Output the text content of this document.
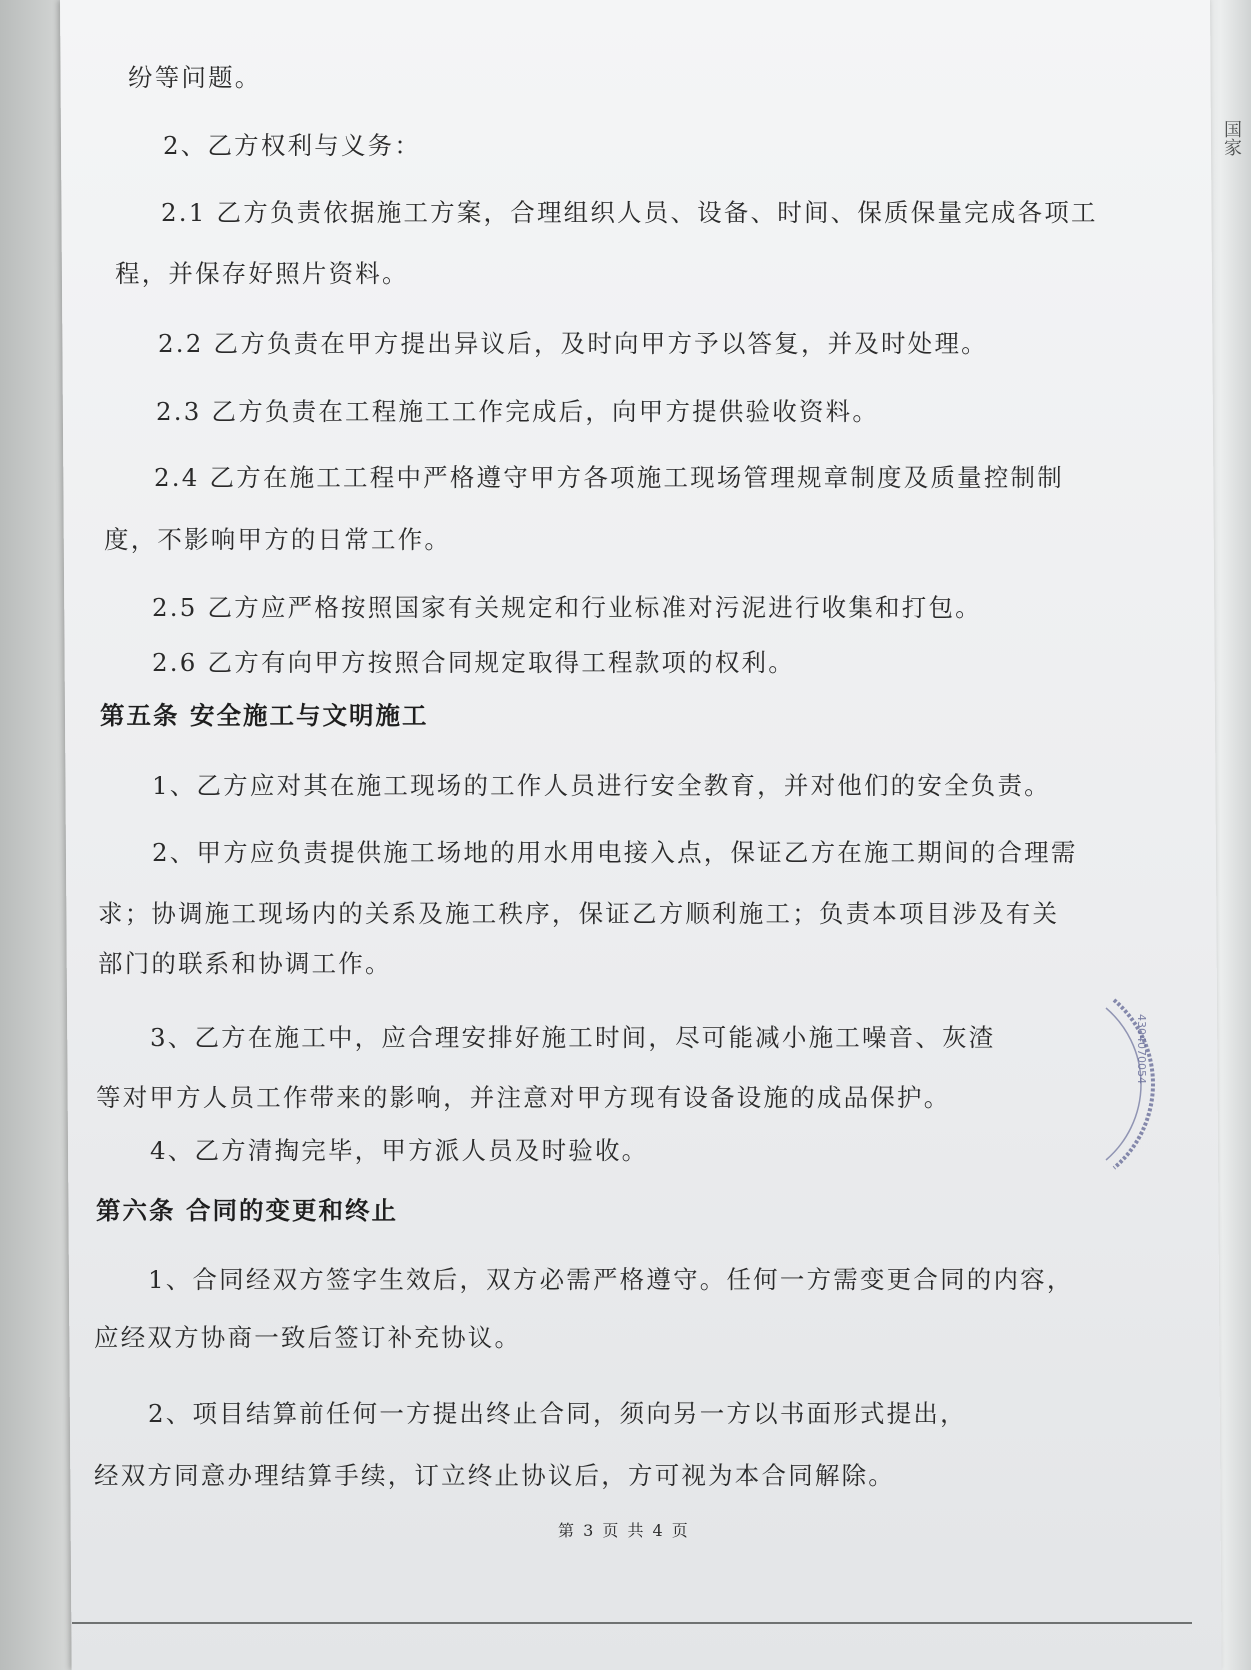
国家
纷等问题。
2、乙方权利与义务：
2.1 乙方负责依据施工方案，合理组织人员、设备、时间、保质保量完成各项工
程，并保存好照片资料。
2.2 乙方负责在甲方提出异议后，及时向甲方予以答复，并及时处理。
2.3 乙方负责在工程施工工作完成后，向甲方提供验收资料。
2.4 乙方在施工工程中严格遵守甲方各项施工现场管理规章制度及质量控制制
度，不影响甲方的日常工作。
2.5 乙方应严格按照国家有关规定和行业标准对污泥进行收集和打包。
2.6 乙方有向甲方按照合同规定取得工程款项的权利。
第五条 安全施工与文明施工
1、乙方应对其在施工现场的工作人员进行安全教育，并对他们的安全负责。
2、甲方应负责提供施工场地的用水用电接入点，保证乙方在施工期间的合理需
求；协调施工现场内的关系及施工秩序，保证乙方顺利施工；负责本项目涉及有关
部门的联系和协调工作。
3、乙方在施工中，应合理安排好施工时间，尽可能减小施工噪音、灰渣
等对甲方人员工作带来的影响，并注意对甲方现有设备设施的成品保护。
4、乙方清掏完毕，甲方派人员及时验收。
第六条 合同的变更和终止
1、合同经双方签字生效后，双方必需严格遵守。任何一方需变更合同的内容，
应经双方协商一致后签订补充协议。
2、项目结算前任何一方提出终止合同，须向另一方以书面形式提出，
经双方同意办理结算手续，订立终止协议后，方可视为本合同解除。
第 3 页 共 4 页
4304070054
